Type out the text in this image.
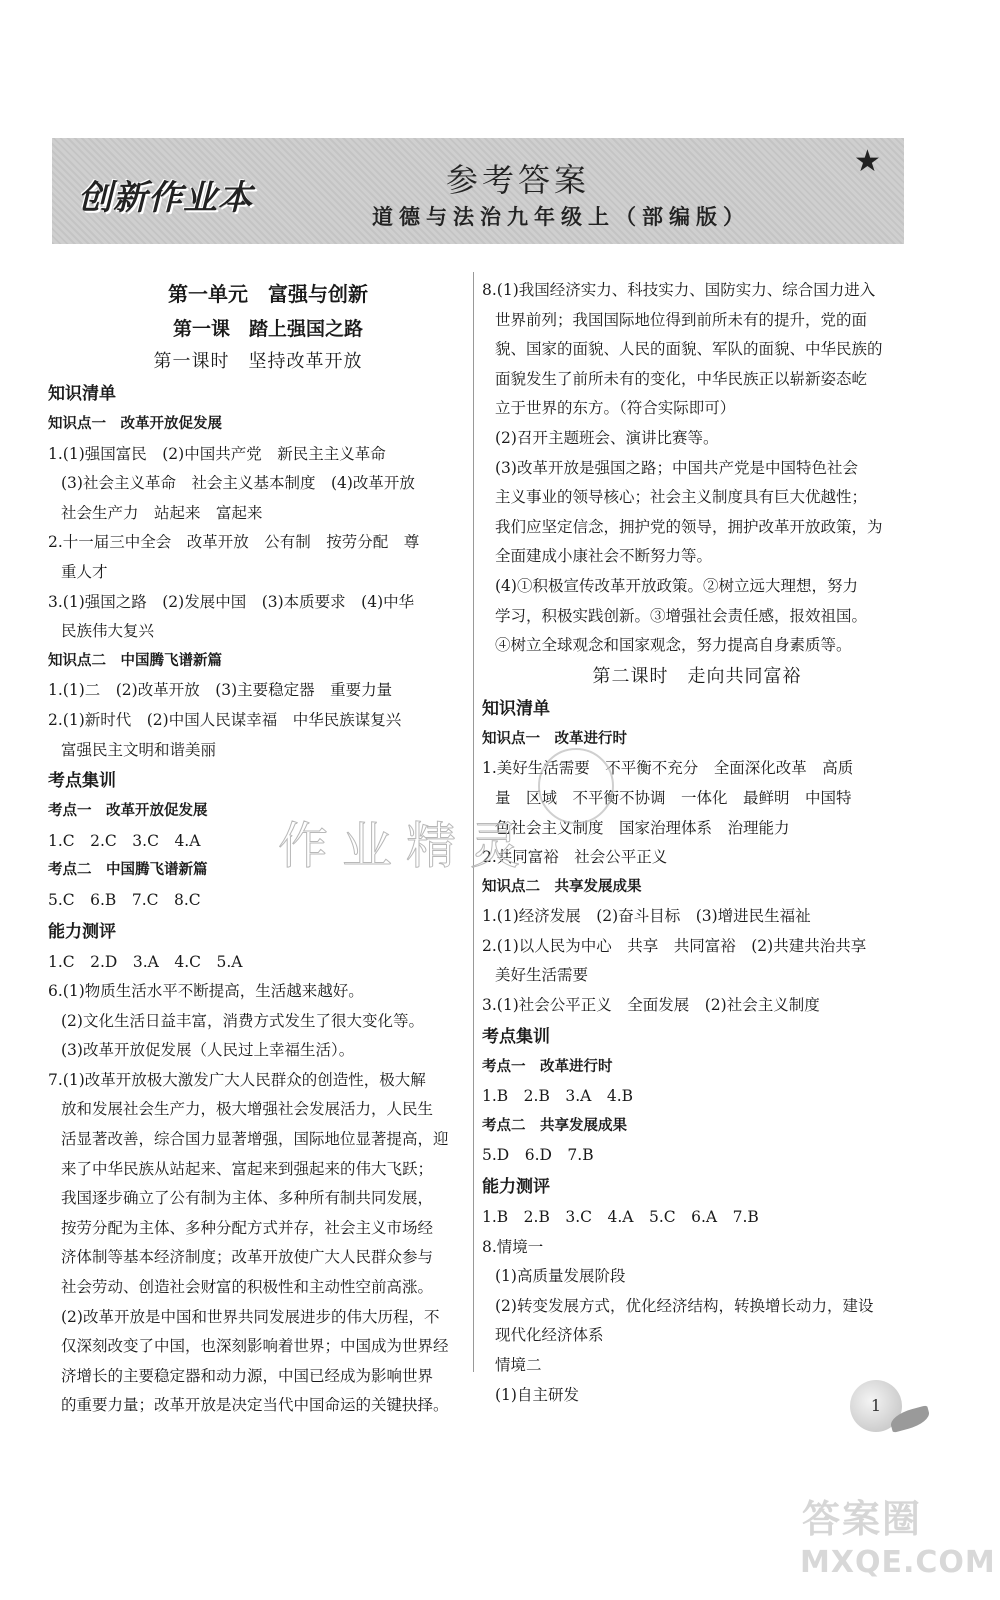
创新作业本	参考答案
道德与法治九年级上（部编版）
★
第一单元　富强与创新
第一课　踏上强国之路
第一课时　坚持改革开放
知识清单
知识点一　改革开放促发展
1.(1)强国富民　(2)中国共产党　新民主主义革命
(3)社会主义革命　社会主义基本制度　(4)改革开放
社会生产力　站起来　富起来
2.十一届三中全会　改革开放　公有制　按劳分配　尊
重人才
3.(1)强国之路　(2)发展中国　(3)本质要求　(4)中华
民族伟大复兴
知识点二　中国腾飞谱新篇
1.(1)二　(2)改革开放　(3)主要稳定器　重要力量
2.(1)新时代　(2)中国人民谋幸福　中华民族谋复兴
富强民主文明和谐美丽
考点集训
考点一　改革开放促发展
1.C　2.C　3.C　4.A
考点二　中国腾飞谱新篇
5.C　6.B　7.C　8.C
能力测评
1.C　2.D　3.A　4.C　5.A
6.(1)物质生活水平不断提高，生活越来越好。
(2)文化生活日益丰富，消费方式发生了很大变化等。
(3)改革开放促发展（人民过上幸福生活）。
7.(1)改革开放极大激发广大人民群众的创造性，极大解
放和发展社会生产力，极大增强社会发展活力，人民生
活显著改善，综合国力显著增强，国际地位显著提高，迎
来了中华民族从站起来、富起来到强起来的伟大飞跃；
我国逐步确立了公有制为主体、多种所有制共同发展，
按劳分配为主体、多种分配方式并存，社会主义市场经
济体制等基本经济制度；改革开放使广大人民群众参与
社会劳动、创造社会财富的积极性和主动性空前高涨。
(2)改革开放是中国和世界共同发展进步的伟大历程，不
仅深刻改变了中国，也深刻影响着世界；中国成为世界经
济增长的主要稳定器和动力源，中国已经成为影响世界
的重要力量；改革开放是决定当代中国命运的关键抉择。
8.(1)我国经济实力、科技实力、国防实力、综合国力进入
世界前列；我国国际地位得到前所未有的提升，党的面
貌、国家的面貌、人民的面貌、军队的面貌、中华民族的
面貌发生了前所未有的变化，中华民族正以崭新姿态屹
立于世界的东方。（符合实际即可）
(2)召开主题班会、演讲比赛等。
(3)改革开放是强国之路；中国共产党是中国特色社会
主义事业的领导核心；社会主义制度具有巨大优越性；
我们应坚定信念，拥护党的领导，拥护改革开放政策，为
全面建成小康社会不断努力等。
(4)①积极宣传改革开放政策。②树立远大理想，努力
学习，积极实践创新。③增强社会责任感，报效祖国。
④树立全球观念和国家观念，努力提高自身素质等。
第二课时　走向共同富裕
知识清单
知识点一　改革进行时
1.美好生活需要　不平衡不充分　全面深化改革　高质
量　区域　不平衡不协调　一体化　最鲜明　中国特
色社会主义制度　国家治理体系　治理能力
2.共同富裕　社会公平正义
知识点二　共享发展成果
1.(1)经济发展　(2)奋斗目标　(3)增进民生福祉
2.(1)以人民为中心　共享　共同富裕　(2)共建共治共享
美好生活需要
3.(1)社会公平正义　全面发展　(2)社会主义制度
考点集训
考点一　改革进行时
1.B　2.B　3.A　4.B
考点二　共享发展成果
5.D　6.D　7.B
能力测评
1.B　2.B　3.C　4.A　5.C　6.A　7.B
8.情境一
(1)高质量发展阶段
(2)转变发展方式，优化经济结构，转换增长动力，建设
现代化经济体系
情境二
(1)自主研发
作业精灵
1
答案圈
MXQE.COM
